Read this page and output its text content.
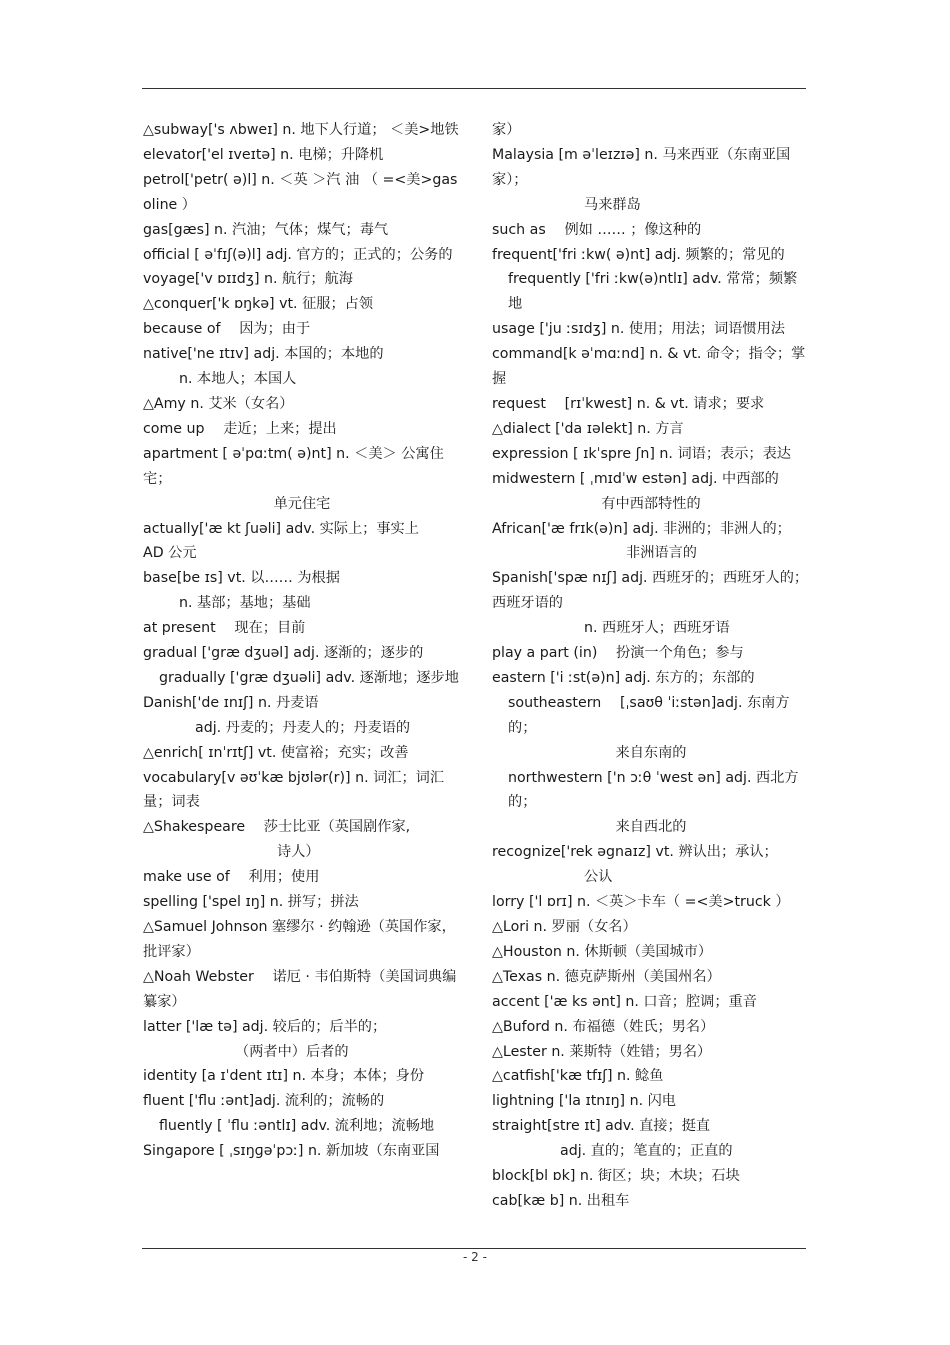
△subway['s ʌbweɪ] n. 地下人行道； ＜美>地铁
elevator['el ɪveɪtə] n. 电梯；升降机
petrol['petr( ə)l] n. ＜英 ＞汽 油 （ =<美>gasoline ）
gas[gæs] n. 汽油；气体；煤气；毒气
official [ əˈfɪʃ(ə)l] adj. 官方的；正式的；公务的
voyage['v ɒɪɪdʒ] n. 航行；航海
△conquer['k ɒŋkə] vt. 征服；占领
because of 　因为；由于
native['ne ɪtɪv] adj. 本国的；本地的
n. 本地人；本国人
△Amy n. 艾米（女名）
come up 　走近；上来；提出
apartment [ əˈpɑːtm( ə)nt] n. ＜美＞ 公寓住宅；
单元住宅
actually['æ kt ʃuəli] adv. 实际上；事实上
AD 公元
base[be ɪs] vt. 以…… 为根据
n. 基部；基地；基础
at present 　现在；目前
gradual ['græ dʒuəl] adj. 逐渐的；逐步的
gradually ['græ dʒuəli] adv. 逐渐地；逐步地
Danish['de ɪnɪʃ] n. 丹麦语
adj. 丹麦的；丹麦人的；丹麦语的
△enrich[ ɪnˈrɪtʃ] vt. 使富裕；充实；改善
vocabulary[v əʊˈkæ bjʊlər(r)] n. 词汇；词汇量；词表
△Shakespeare 　莎士比亚（英国剧作家,
诗人）
make use of 　利用；使用
spelling ['spel ɪŋ] n. 拼写；拼法
△Samuel Johnson 塞缪尔 · 约翰逊（英国作家，批评家）
△Noah Webster 　诺厄 · 韦伯斯特（美国词典编纂家）
latter ['læ tə] adj. 较后的；后半的；
（两者中）后者的
identity [a ɪˈdent ɪtɪ] n. 本身；本体；身份
fluent ['flu ːənt]adj. 流利的；流畅的
fluently [ ˈflu ːəntlɪ] adv. 流利地；流畅地
Singapore [ ˌsɪŋɡəˈpɔː] n. 新加坡（东南亚国
家）
Malaysia [m əˈleɪzɪə] n. 马来西亚（东南亚国家）；
马来群岛
such as 　例如 …… ；像这种的
frequent['fri ːkw( ə)nt] adj. 频繁的；常见的
frequently ['fri ːkw(ə)ntlɪ] adv. 常常；频繁地
usage ['ju ːsɪdʒ] n. 使用；用法；词语惯用法
command[k əˈmɑːnd] n. & vt. 命令；指令；掌握
request 　[rɪˈkwest] n. & vt. 请求；要求
△dialect ['da ɪəlekt] n. 方言
expression [ ɪkˈspre ʃn] n. 词语；表示；表达
midwestern [ ˌmɪdˈw estən] adj. 中西部的
有中西部特性的
African['æ frɪk(ə)n] adj. 非洲的；非洲人的；
非洲语言的
Spanish['spæ nɪʃ] adj. 西班牙的；西班牙人的；西班牙语的
n. 西班牙人；西班牙语
play a part (in) 　扮演一个角色；参与
eastern ['i ːst(ə)n] adj. 东方的；东部的
southeastern 　[ˌsaʊθ ˈiːstən]adj. 东南方的；
来自东南的
northwestern ['n ɔːθ ˈwest ən] adj. 西北方的；
来自西北的
recognize['rek əgnaɪz] vt. 辨认出；承认；
公认
lorry ['l ɒrɪ] n. ＜英＞卡车（ =<美>truck ）
△Lori n. 罗丽（女名）
△Houston n. 休斯顿（美国城市）
△Texas n. 德克萨斯州（美国州名）
accent ['æ ks ənt] n. 口音；腔调；重音
△Buford n. 布福德（姓氏；男名）
△Lester n. 莱斯特（姓错；男名）
△catfish['kæ tfɪʃ] n. 鲶鱼
lightning ['la ɪtnɪŋ] n. 闪电
straight[stre ɪt] adv. 直接；挺直
adj. 直的；笔直的；正直的
block[bl ɒk] n. 街区；块；木块；石块
cab[kæ b] n. 出租车
- 2 -
